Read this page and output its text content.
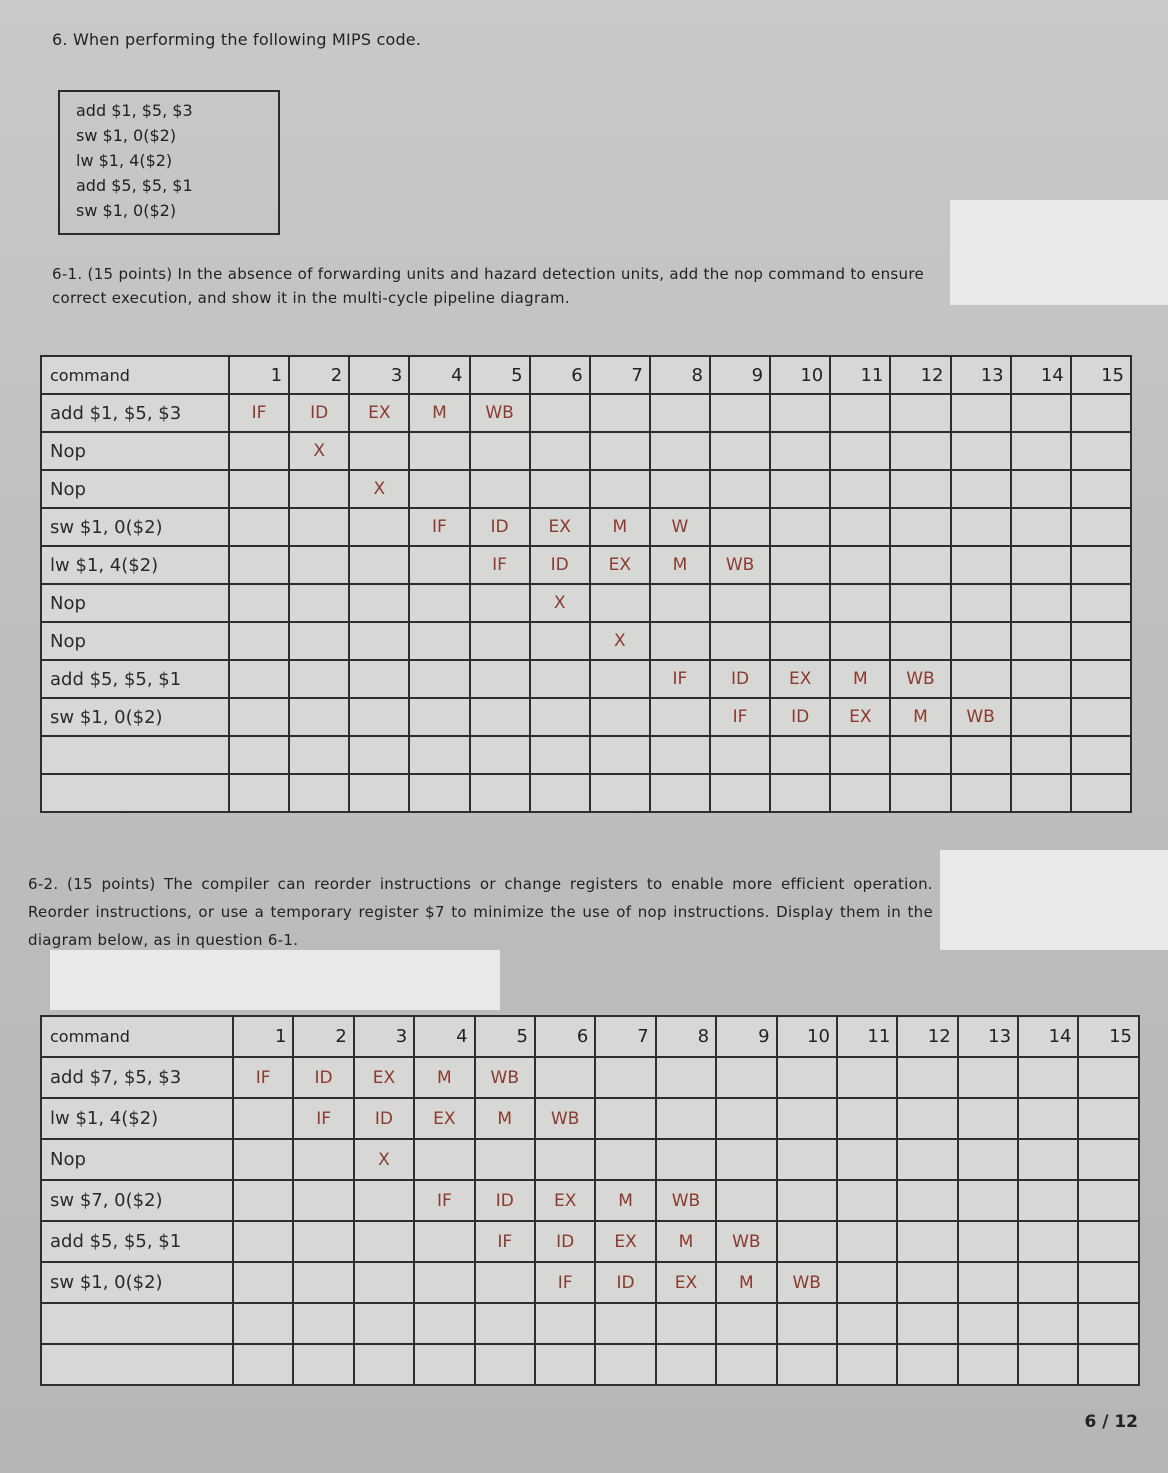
6. When performing the following MIPS code.
add $1, $5, $3
sw $1, 0($2)
lw $1, 4($2)
add $5, $5, $1
sw $1, 0($2)
6-1. (15 points) In the absence of forwarding units and hazard detection units, add the nop command to ensure correct execution, and show it in the multi-cycle pipeline diagram.
command	1	2	3	4	5	6	7	8	9	10	11	12	13	14	15
add $1, $5, $3	IF	ID	EX	M	WB										
Nop		X													
Nop			X												
sw $1, 0($2)				IF	ID	EX	M	W							
lw $1, 4($2)					IF	ID	EX	M	WB						
Nop						X									
Nop							X								
add $5, $5, $1								IF	ID	EX	M	WB			
sw $1, 0($2)									IF	ID	EX	M	WB		

6-2. (15 points) The compiler can reorder instructions or change registers to enable more efficient operation. Reorder instructions, or use a temporary register $7 to minimize the use of nop instructions. Display them in the diagram below, as in question 6-1.
command	1	2	3	4	5	6	7	8	9	10	11	12	13	14	15
add $7, $5, $3	IF	ID	EX	M	WB										
lw $1, 4($2)		IF	ID	EX	M	WB									
Nop			X												
sw $7, 0($2)				IF	ID	EX	M	WB							
add $5, $5, $1					IF	ID	EX	M	WB						
sw $1, 0($2)						IF	ID	EX	M	WB					

6 / 12
